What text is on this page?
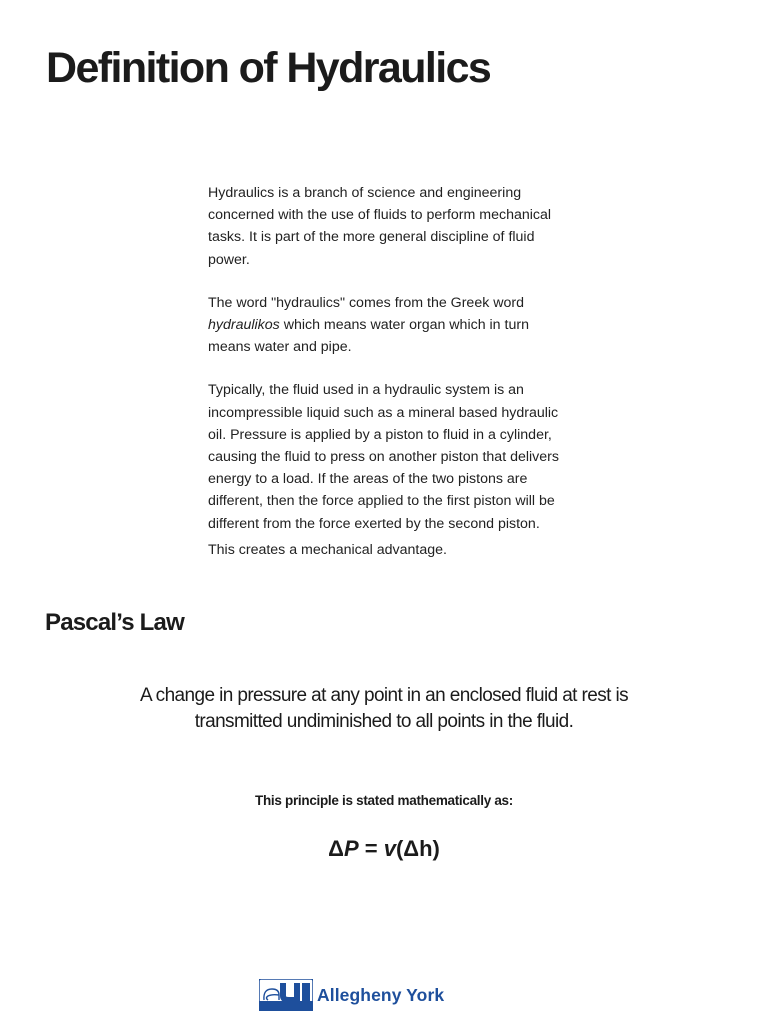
Definition of Hydraulics

Hydraulics is a branch of science and engineering concerned with the use of fluids to perform mechanical tasks. It is part of the more general discipline of fluid power.

The word "hydraulics" comes from the Greek word hydraulikos which means water organ which in turn means water and pipe.

Typically, the fluid used in a hydraulic system is an incompressible liquid such as a mineral based hydraulic oil. Pressure is applied by a piston to fluid in a cylinder, causing the fluid to press on another piston that delivers energy to a load. If the areas of the two pistons are different, then the force applied to the first piston will be different from the force exerted by the second piston.

This creates a mechanical advantage.

Pascal’s Law
A change in pressure at any point in an enclosed fluid at rest is
transmitted undiminished to all points in the fluid.
This principle is stated mathematically as:
ΔP = v(Δh)
Allegheny York
